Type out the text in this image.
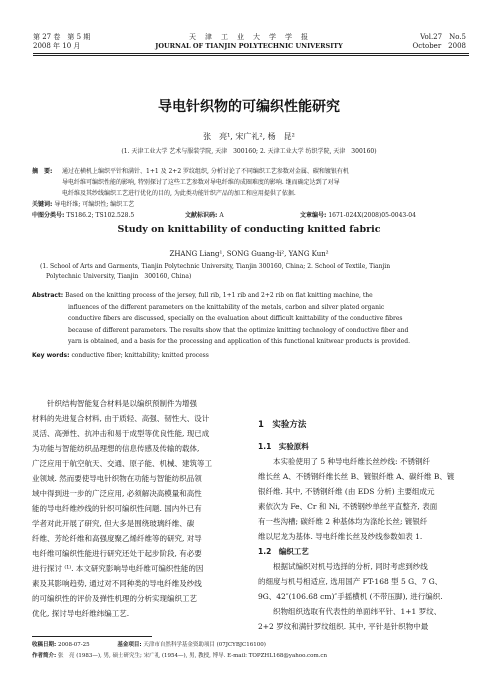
第 27 卷　第 5 期
2008 年 10 月
天　津　工　业　大　学　学　报
JOURNAL OF TIANJIN POLYTECHNIC UNIVERSITY
Vol.27　No.5
October　2008
导电针织物的可编织性能研究
张　亮¹, 宋广礼², 杨　昆²
(1. 天津工业大学 艺术与服装学院, 天津　300160; 2. 天津工业大学 纺织学院, 天津　300160)
摘　要: 通过在横机上编织平针和满针、1+1 及 2+2 罗纹组织, 分析讨论了不同编织工艺参数对金属、碳和镀银有机
导电纤维可编织性能的影响, 特别探讨了这些工艺参数对导电纤维的成圈难度的影响. 继而确定达到了对导
电纤维及其纱线编织工艺进行优化的目的, 为此类功能针织产品的加工和应用提供了依据.
关键词: 导电纤维; 可编织性; 编织工艺
中图分类号: TS186.2; TS102.528.5	文献标识码: A	文章编号: 1671-024X(2008)05-0043-04
Study on knittability of conducting knitted fabric
ZHANG Liang¹, SONG Guang-li², YANG Kun²
(1. School of Arts and Garments, Tianjin Polytechnic University, Tianjin 300160, China; 2. School of Textile, Tianjin
Polytechnic University, Tianjin　300160, China)
Abstract: Based on the knitting process of the jersey, full rib, 1+1 rib and 2+2 rib on flat knitting machine, the
influences of the different parameters on the knittability of the metals, carbon and silver plated organic
conductive fibers are discussed, specially on the evaluation about difficult knittability of the conductive fibres
because of different parameters. The results show that the optimize knitting technology of conductive fiber and
yarn is obtained, and a basis for the processing and application of this functional knitwear products is provided.
Key words: conductive fiber; knittability; knitted process
　　针织结构智能复合材料是以编织预制件为增强
材料的先进复合材料, 由于质轻、高强、韧性大、设计
灵活、高弹性、抗冲击和易于成型等优良性能, 现已成
为功能与智能纺织品理想的信息传感及传输的载体,
广泛应用于航空航天、交通、原子能、机械、建筑等工
业领域. 然而要使导电针织物在功能与智能纺织品领
域中得到进一步的广泛应用, 必须解决高模量和高性
能的导电纤维纱线的针织可编织性问题. 国内外已有
学者对此开展了研究, 但大多是围绕玻璃纤维、碳
纤维、芳纶纤维和高强度聚乙烯纤维等的研究, 对导
电纤维可编织性能进行研究还处于起步阶段, 有必要
进行探讨 ⁽¹⁾. 本文研究影响导电纤维可编织性能的因
素及其影响趋势, 通过对不同种类的导电纤维及纱线
的可编织性的评价及弹性机理的分析实现编织工艺
优化, 探讨导电纤维纬编工艺.
1　实验方法
1.1　实验原料
　　本实验使用了 5 种导电纤维长丝纱线: 不锈钢纤
维长丝 A、不锈钢纤维长丝 B、镀银纤维 A、碳纤维 B、镀
银纤维. 其中, 不锈钢纤维 (由 EDS 分析) 主要组成元
素依次为 Fe、Cr 和 Ni, 不锈钢纱单丝平直整齐, 表面
有一些沟槽; 碳纤维 2 种基体均为涤纶长丝; 镀银纤
维以尼龙为基体. 导电纤维长丝及纱线参数如表 1.
1.2　编织工艺
　　根据试编织对机号选择的分析, 同时考虑到纱线
的细度与机号相适应, 选用国产 FT-168 型 5 G、7 G、
9G、42″(106.68 cm)″手摇横机 (不带压脚), 进行编织.
　　织物组织选取有代表性的单面纬平针、1+1 罗纹、
2+2 罗纹和满针罗纹组织. 其中, 平针是针织物中最
收稿日期: 2008-07-25	基金项目: 天津市自然科学基金资助项目 (07JCYBJC16100)
作者简介: 张　亮 (1983—), 男, 硕士研究生; 宋广礼 (1954—), 男, 教授, 博导. E-mail: TOPZHL168@yahoo.com.cn
